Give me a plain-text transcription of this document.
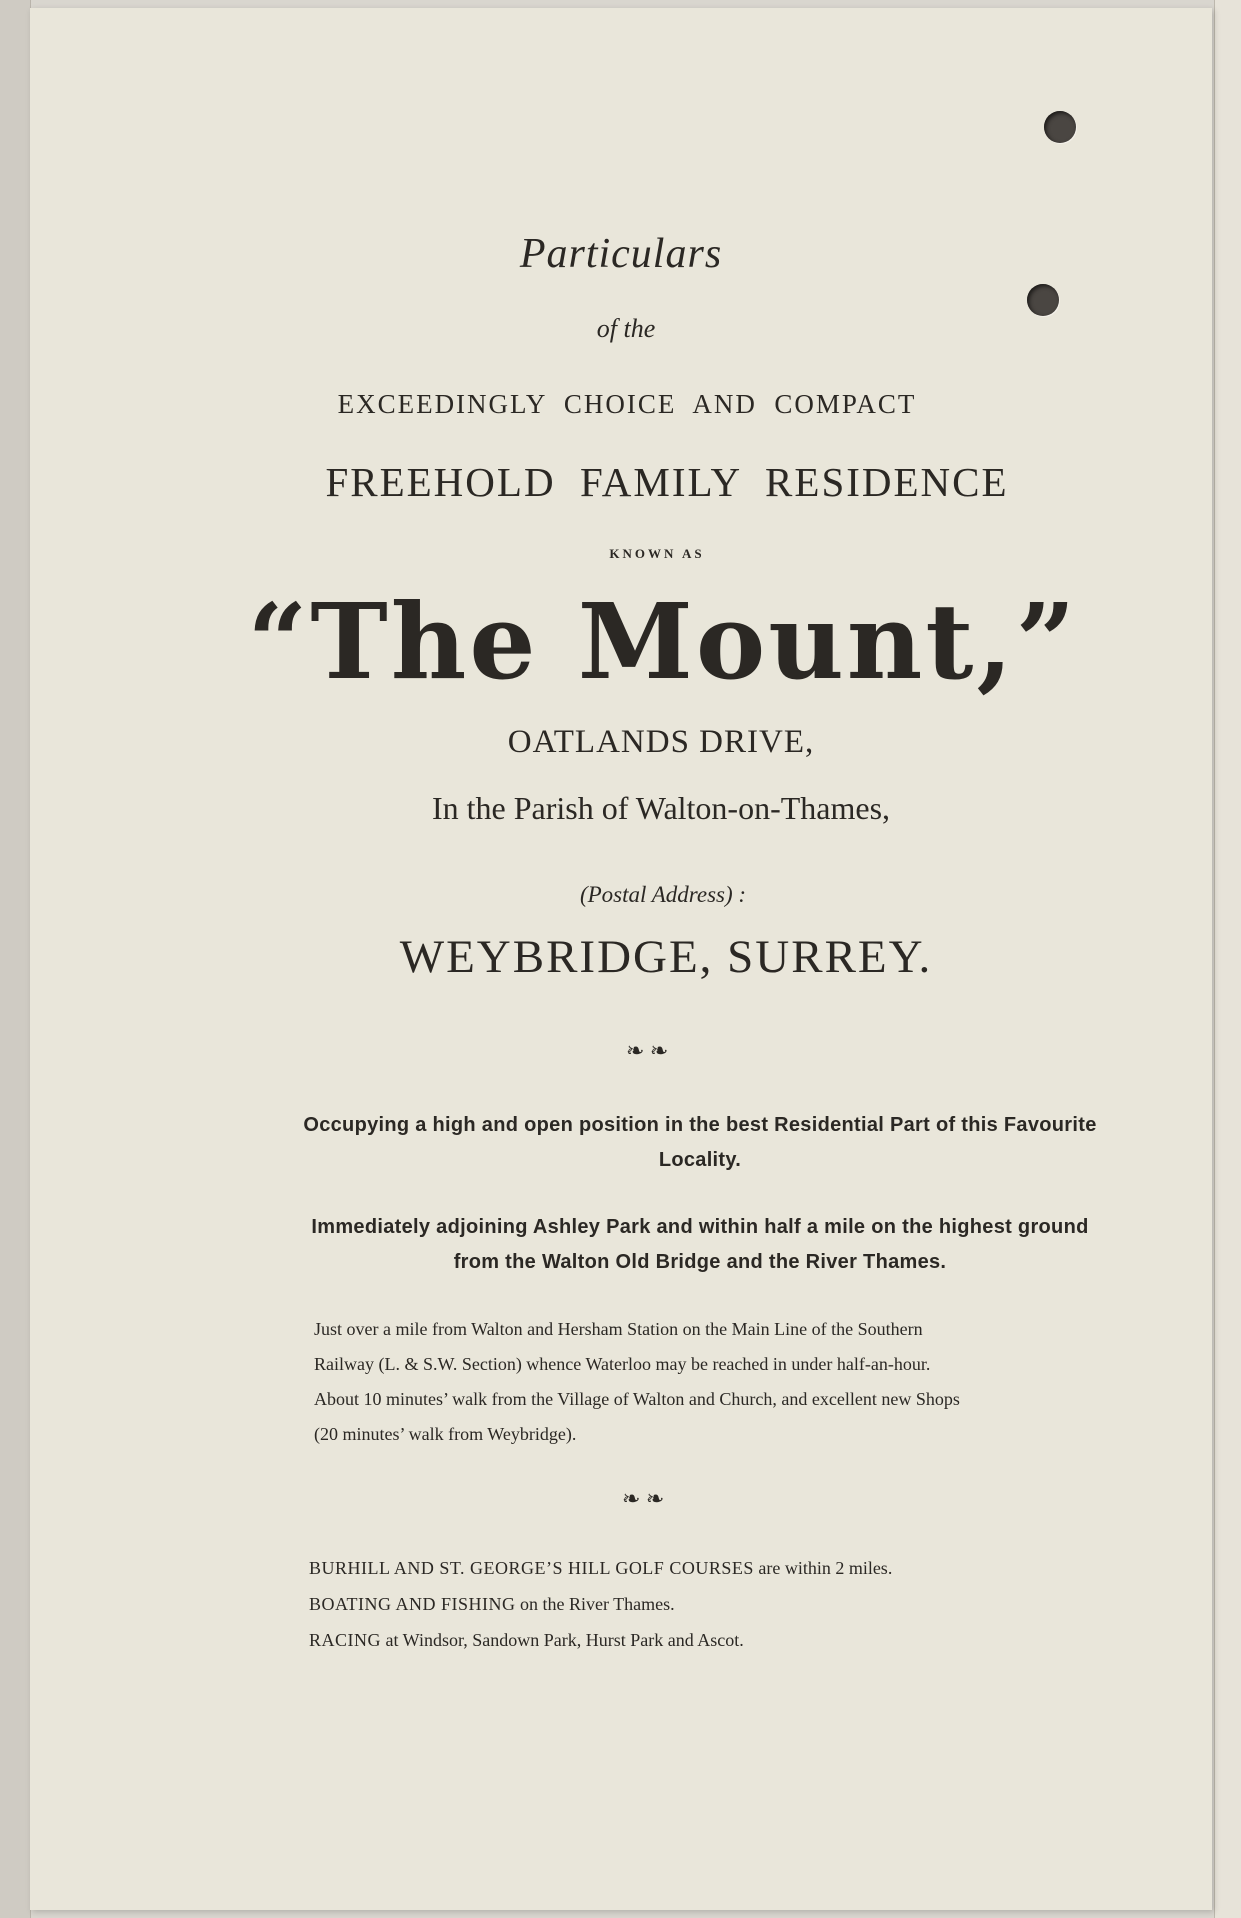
Particulars
of the
EXCEEDINGLY  CHOICE  AND  COMPACT
FREEHOLD  FAMILY  RESIDENCE
KNOWN AS
“The Mount,”
OATLANDS DRIVE,
In the Parish of Walton-on-Thames,
(Postal Address) :
WEYBRIDGE, SURREY.
❧ ❧
Occupying a high and open position in the best Residential Part of this Favourite Locality.
Immediately adjoining Ashley Park and within half a mile on the highest ground from the Walton Old Bridge and the River Thames.
Just over a mile from Walton and Hersham Station on the Main Line of the Southern
Railway (L. & S.W. Section) whence Waterloo may be reached in under half-an-hour.
About 10 minutes’ walk from the Village of Walton and Church, and excellent new Shops
(20 minutes’ walk from Weybridge).
❧ ❧
BURHILL AND ST. GEORGE’S HILL GOLF COURSES are within 2 miles.
BOATING AND FISHING on the River Thames.
RACING at Windsor, Sandown Park, Hurst Park and Ascot.
